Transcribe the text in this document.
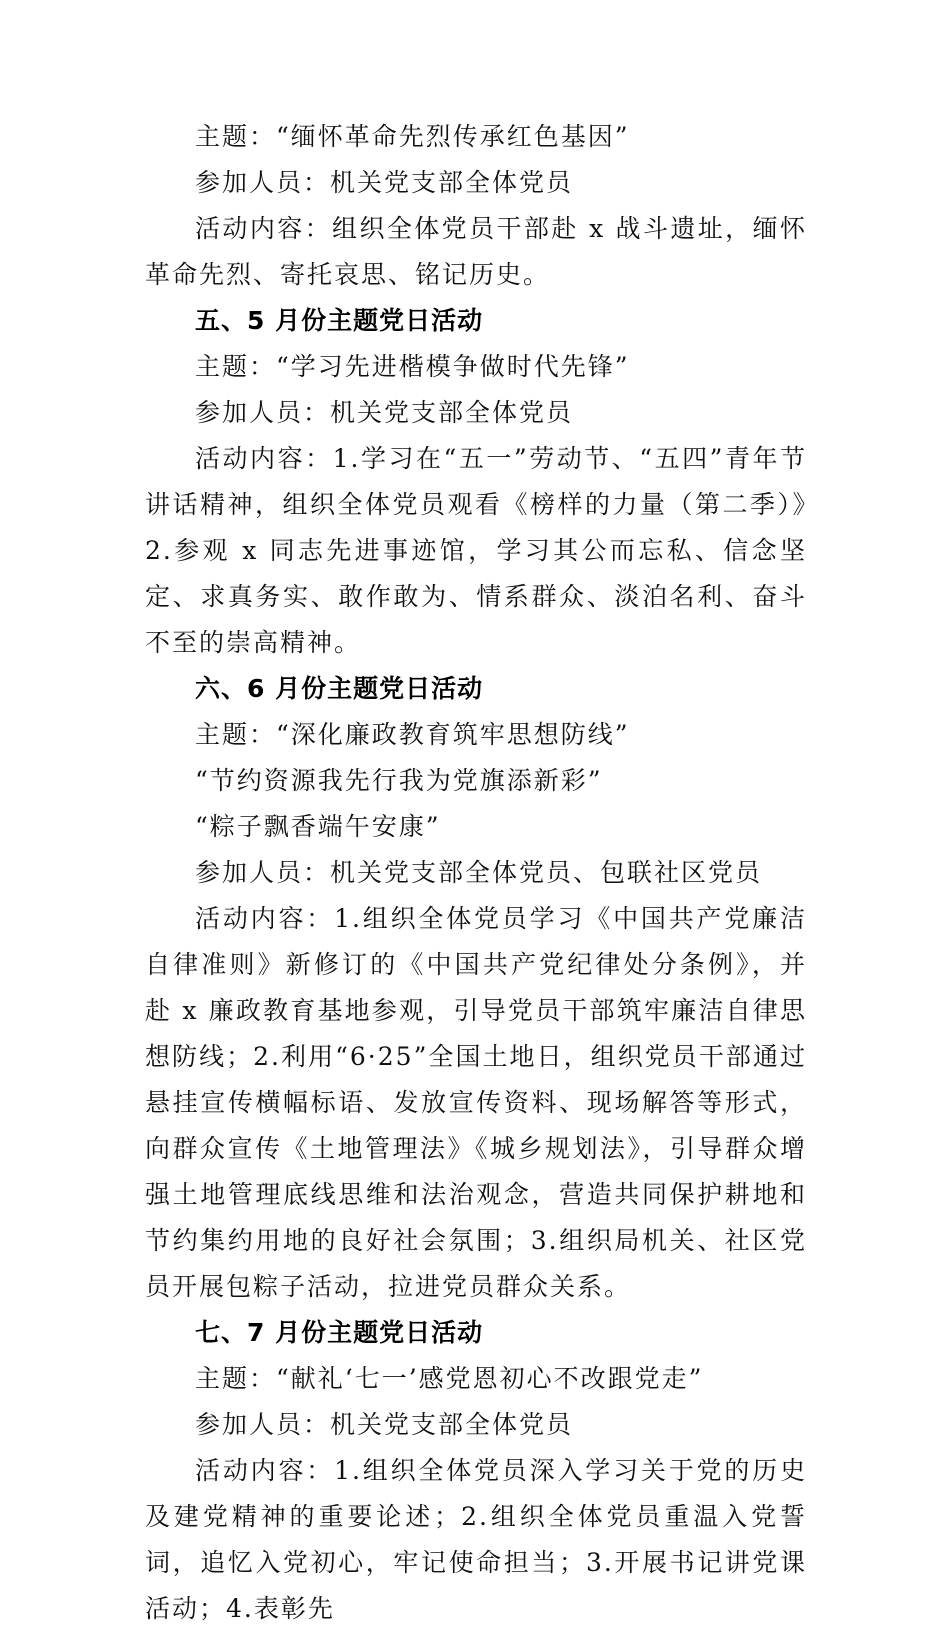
主题：“缅怀革命先烈传承红色基因”

参加人员：机关党支部全体党员

活动内容：组织全体党员干部赴 x 战斗遗址，缅怀革命先烈、寄托哀思、铭记历史。

五、5 月份主题党日活动

主题：“学习先进楷模争做时代先锋”

参加人员：机关党支部全体党员

活动内容：1.学习在“五一”劳动节、“五四”青年节讲话精神，组织全体党员观看《榜样的力量（第二季）》2.参观 x 同志先进事迹馆，学习其公而忘私、信念坚定、求真务实、敢作敢为、情系群众、淡泊名利、奋斗不至的崇高精神。

六、6 月份主题党日活动

主题：“深化廉政教育筑牢思想防线”

“节约资源我先行我为党旗添新彩”

“粽子飘香端午安康”

参加人员：机关党支部全体党员、包联社区党员

活动内容：1.组织全体党员学习《中国共产党廉洁自律准则》新修订的《中国共产党纪律处分条例》，并赴 x 廉政教育基地参观，引导党员干部筑牢廉洁自律思想防线；2.利用“6·25”全国土地日，组织党员干部通过悬挂宣传横幅标语、发放宣传资料、现场解答等形式，向群众宣传《土地管理法》《城乡规划法》，引导群众增强土地管理底线思维和法治观念，营造共同保护耕地和节约集约用地的良好社会氛围；3.组织局机关、社区党员开展包粽子活动，拉进党员群众关系。

七、7 月份主题党日活动

主题：“献礼‘七一’感党恩初心不改跟党走”

参加人员：机关党支部全体党员

活动内容：1.组织全体党员深入学习关于党的历史及建党精神的重要论述；2.组织全体党员重温入党誓词，追忆入党初心，牢记使命担当；3.开展书记讲党课活动；4.表彰先
